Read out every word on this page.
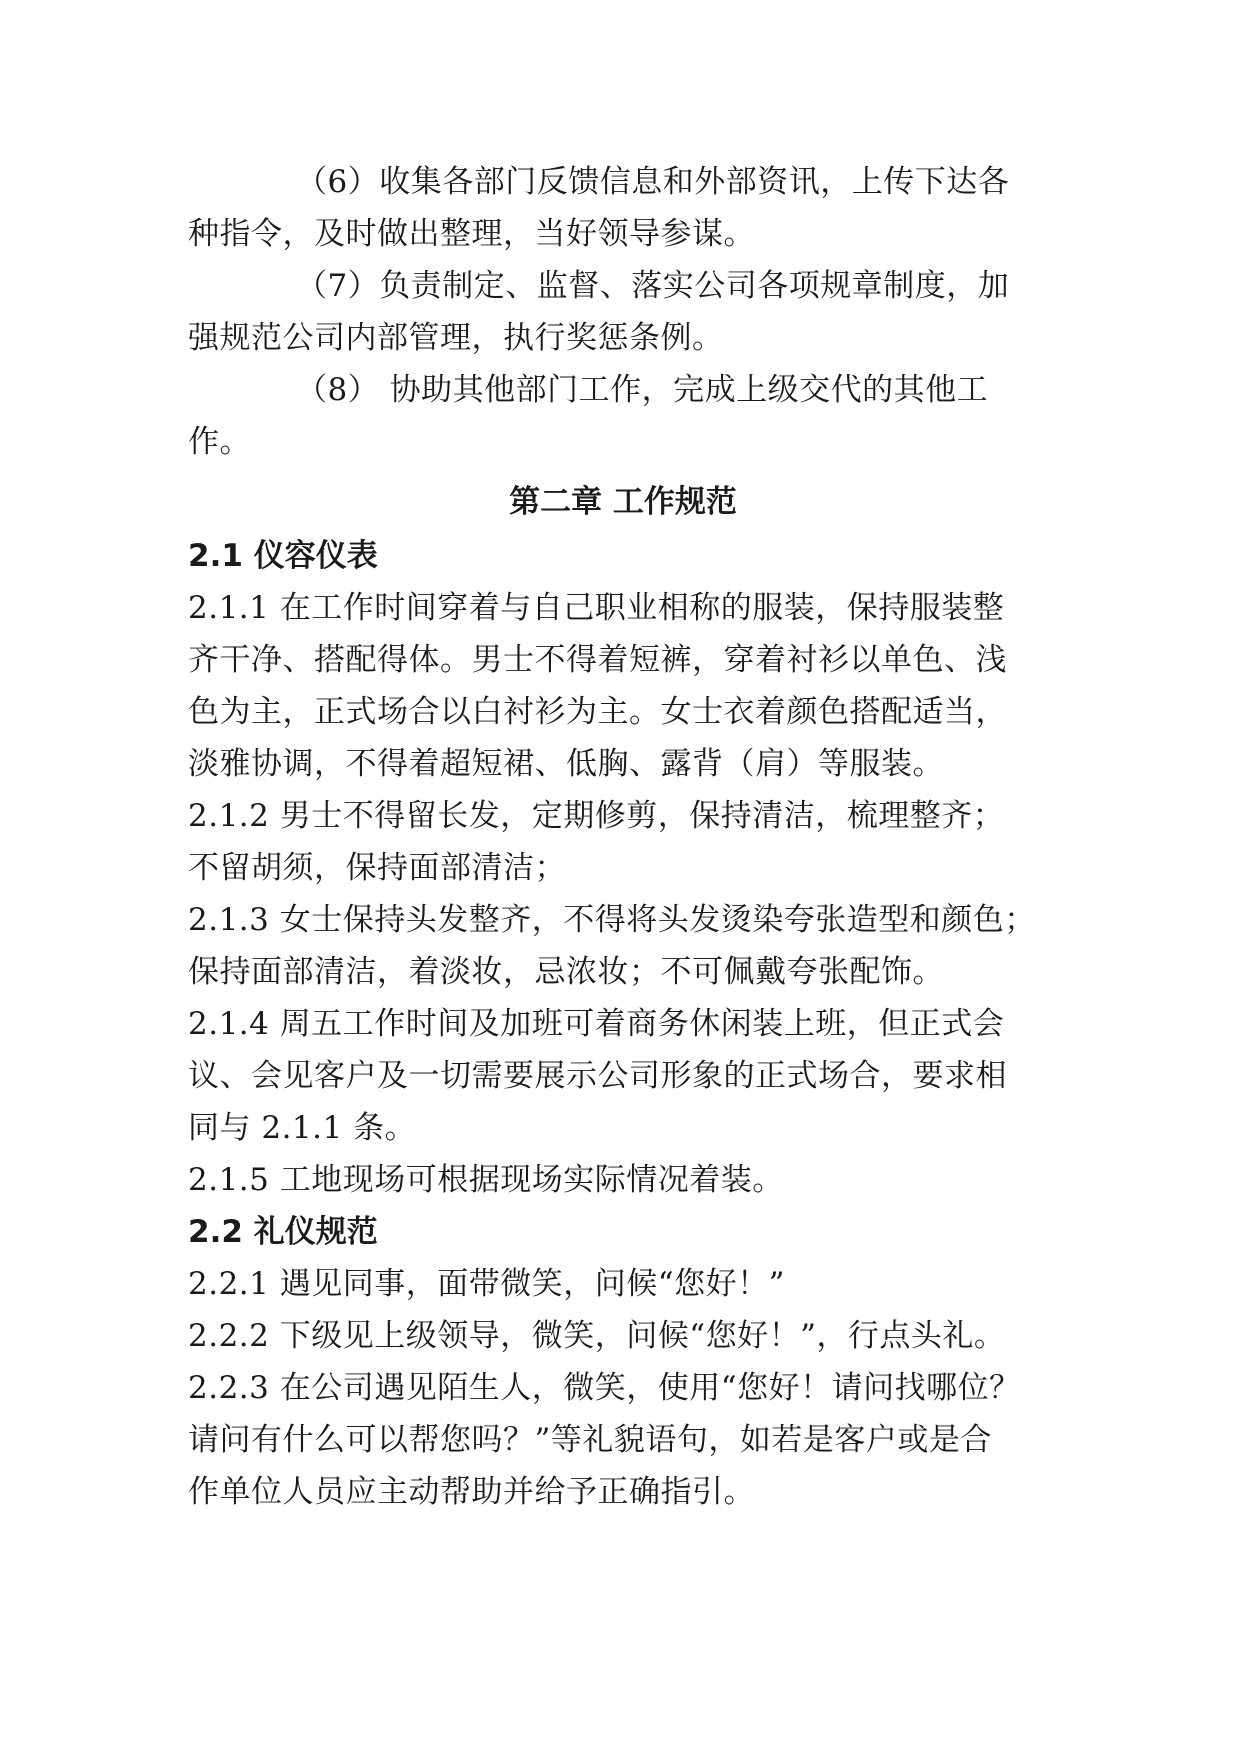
（6）收集各部门反馈信息和外部资讯，上传下达各
种指令，及时做出整理，当好领导参谋。
（7）负责制定、监督、落实公司各项规章制度，加
强规范公司内部管理，执行奖惩条例。
（8） 协助其他部门工作，完成上级交代的其他工
作。
第二章 工作规范
2.1 仪容仪表
2.1.1 在工作时间穿着与自己职业相称的服装，保持服装整
齐干净、搭配得体。男士不得着短裤，穿着衬衫以单色、浅
色为主，正式场合以白衬衫为主。女士衣着颜色搭配适当，
淡雅协调，不得着超短裙、低胸、露背（肩）等服装。
2.1.2 男士不得留长发，定期修剪，保持清洁，梳理整齐；
不留胡须，保持面部清洁；
2.1.3 女士保持头发整齐，不得将头发烫染夸张造型和颜色；
保持面部清洁，着淡妆，忌浓妆；不可佩戴夸张配饰。
2.1.4 周五工作时间及加班可着商务休闲装上班，但正式会
议、会见客户及一切需要展示公司形象的正式场合，要求相
同与 2.1.1 条。
2.1.5 工地现场可根据现场实际情况着装。
2.2 礼仪规范
2.2.1 遇见同事，面带微笑，问候“您好！”
2.2.2 下级见上级领导，微笑，问候“您好！”，行点头礼。
2.2.3 在公司遇见陌生人，微笑，使用“您好！请问找哪位？
请问有什么可以帮您吗？”等礼貌语句，如若是客户或是合
作单位人员应主动帮助并给予正确指引。
